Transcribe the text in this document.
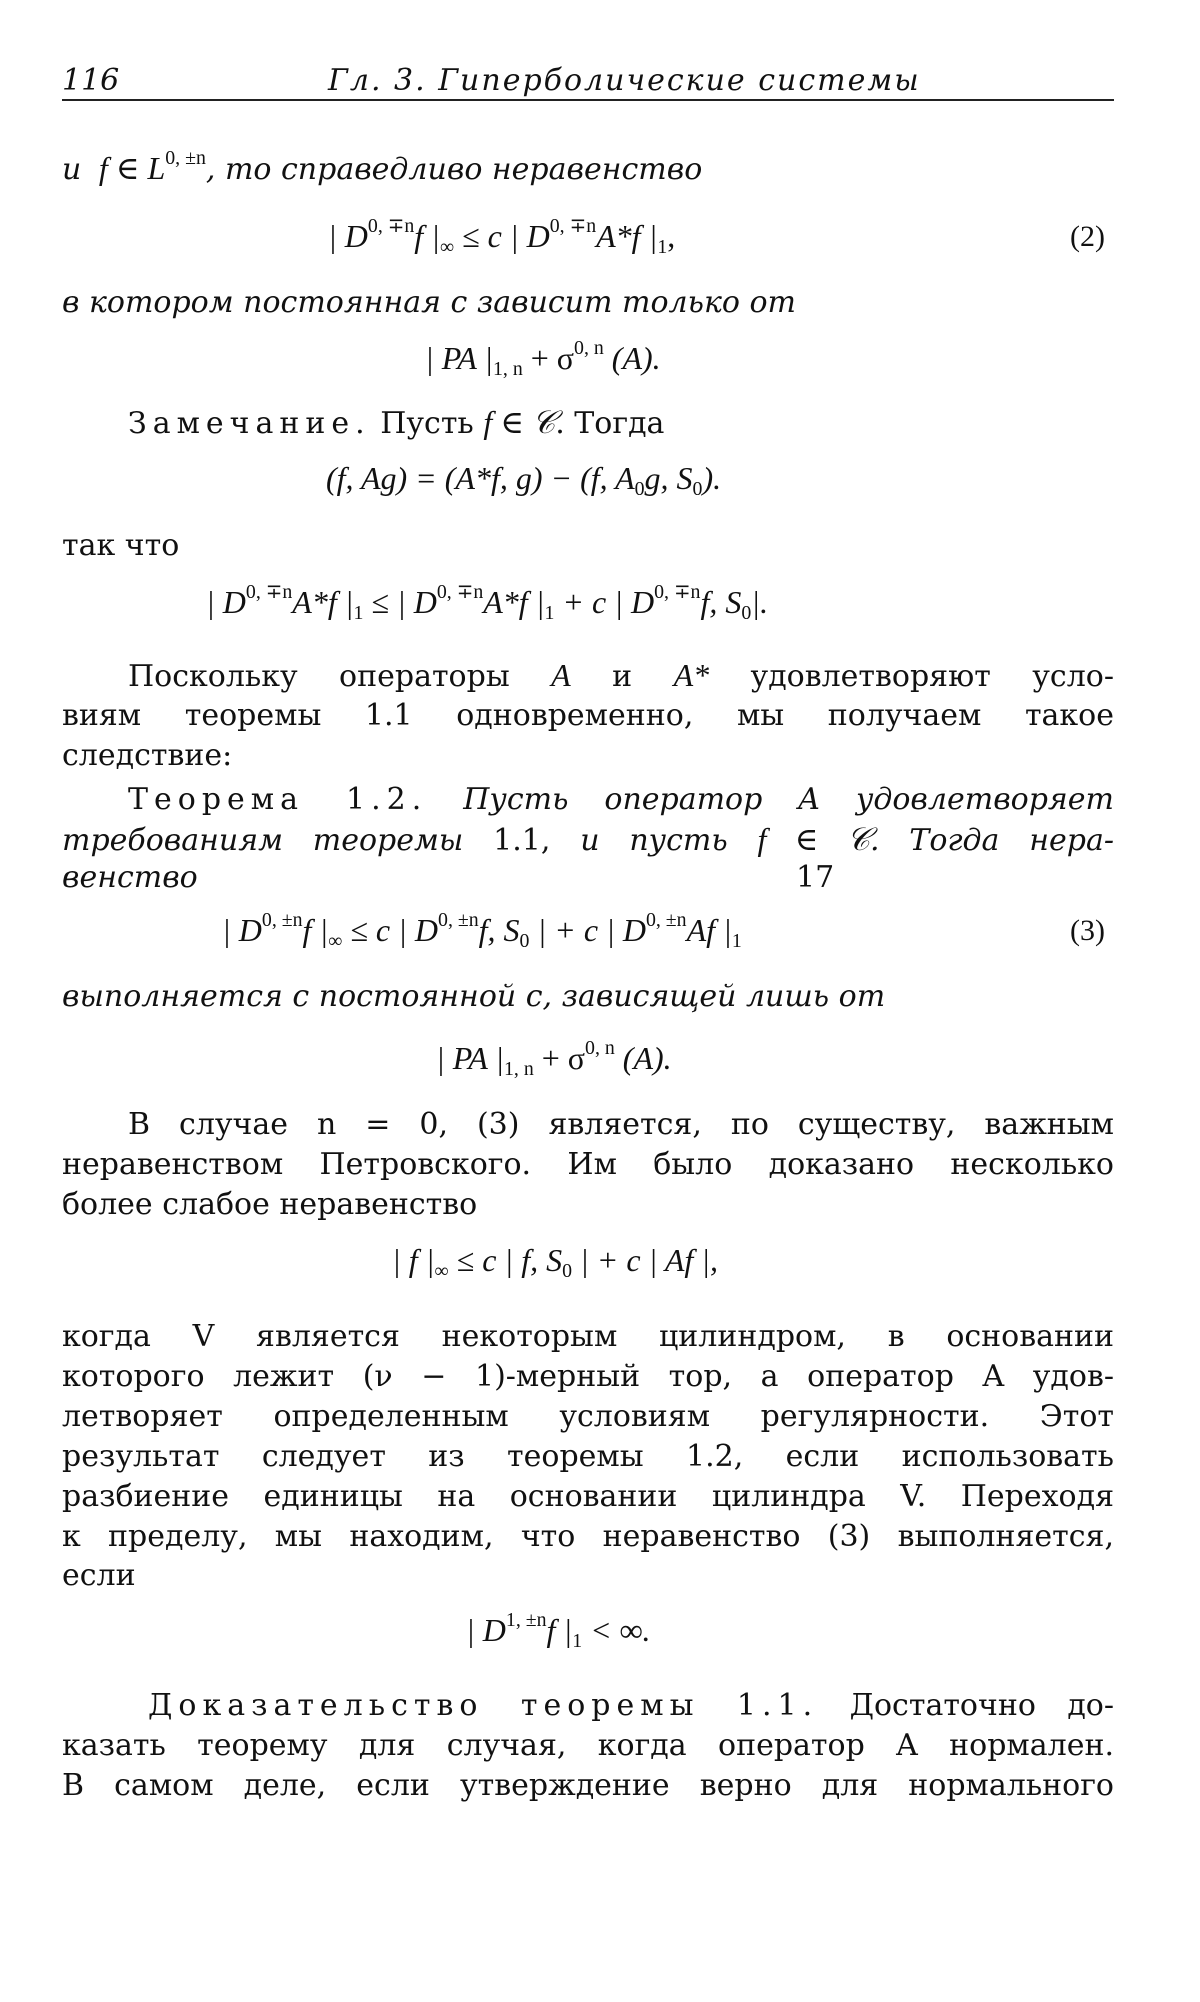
116	Гл. 3. Гиперболические системы
и f ∈ $L^{0, \pm n}$, то справедливо неравенство
| $D^{0, \mp n}f$ $|_\infty \le c$ | $D^{0, \mp n}A*f$ $|_1$,	(2)
в котором постоянная c зависит только от
| PA $|_{1, n} + \sigma^{0, n}$ (A).
Замечание. Пусть f ∈ 𝒞. Тогда
(f, Ag) = (A*f, g) − (f, $A_0g$, $S_0$).
так что
| $D^{0, \mp n}A*f$ $|_1$ ≤ | $D^{0, \mp n}A*f$ $|_1 + c$ | $D^{0, \mp n}f$, $S_0|$.
Поскольку операторы A и A* удовлетворяют усло-
виям теоремы 1.1 одновременно, мы получаем такое
следствие:
Теорема 1.2. Пусть оператор A удовлетворяет
требованиям теоремы 1.1, и пусть f ∈ 𝒞. Тогда нера-
венство	17
| $D^{0, \pm n}f$ $|_\infty \le c$ | $D^{0, \pm n}f$, $S_0$ | + c | $D^{0, \pm n}Af$ $|_1$	(3)
выполняется с постоянной c, зависящей лишь от
| PA $|_{1, n} + \sigma^{0, n}$ (A).
В случае n = 0, (3) является, по существу, важным
неравенством Петровского. Им было доказано несколько
более слабое неравенство
| f $|_\infty \le c$ | f, $S_0$ | + c | Af |,
когда V является некоторым цилиндром, в основании
которого лежит (ν − 1)-мерный тор, а оператор A удов-
летворяет определенным условиям регулярности. Этот
результат следует из теоремы 1.2, если использовать
разбиение единицы на основании цилиндра V. Переходя
к пределу, мы находим, что неравенство (3) выполняется,
если
| $D^{1, \pm n}f$ $|_1$ < ∞.
Доказательство теоремы 1.1. Достаточно до-
казать теорему для случая, когда оператор A нормален.
В самом деле, если утверждение верно для нормального
